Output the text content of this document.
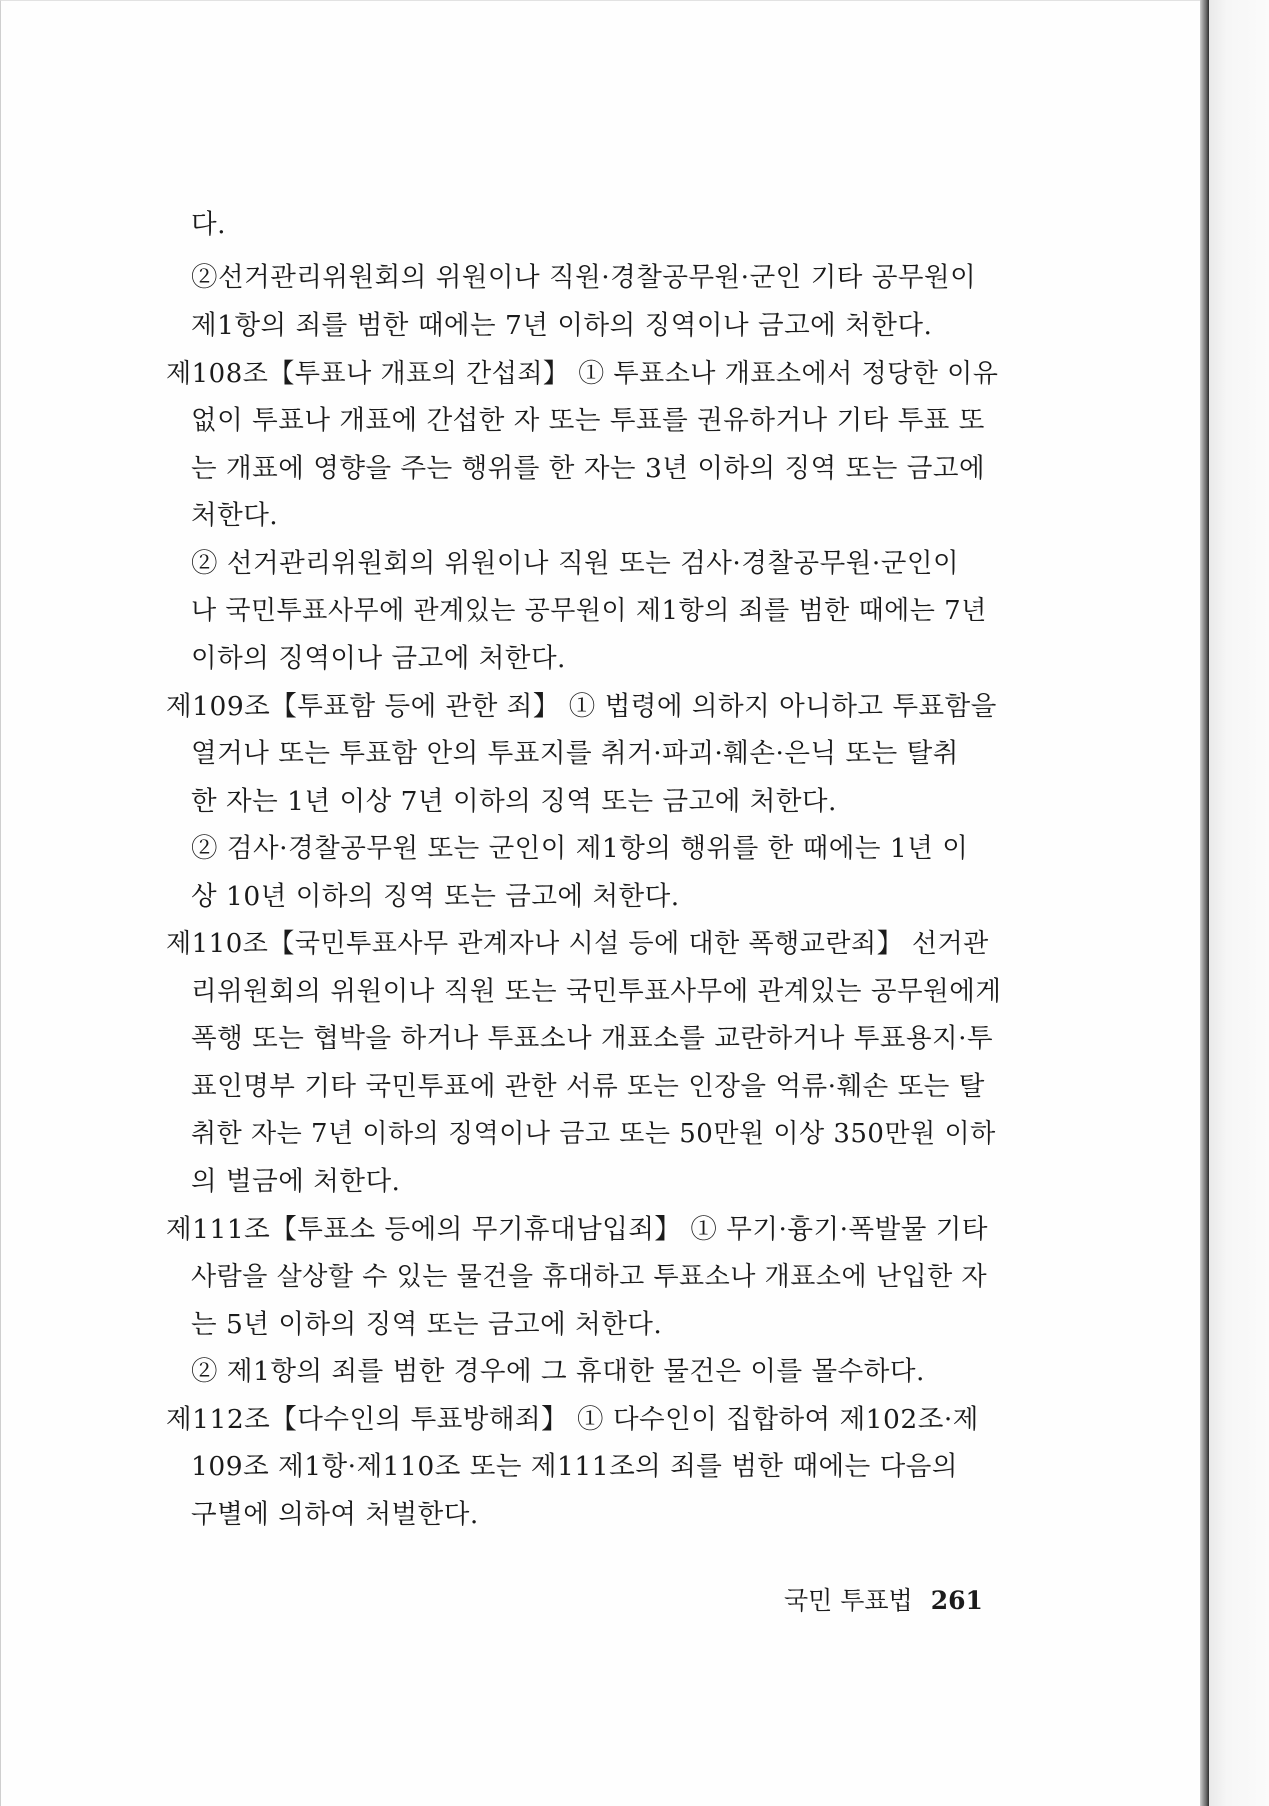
다.
②선거관리위원회의 위원이나 직원·경찰공무원·군인 기타 공무원이
제1항의 죄를 범한 때에는 7년 이하의 징역이나 금고에 처한다.
제108조【투표나 개표의 간섭죄】 ① 투표소나 개표소에서 정당한 이유
없이 투표나 개표에 간섭한 자 또는 투표를 권유하거나 기타 투표 또
는 개표에 영향을 주는 행위를 한 자는 3년 이하의 징역 또는 금고에
처한다.
② 선거관리위원회의 위원이나 직원 또는 검사·경찰공무원·군인이
나 국민투표사무에 관계있는 공무원이 제1항의 죄를 범한 때에는 7년
이하의 징역이나 금고에 처한다.
제109조【투표함 등에 관한 죄】 ① 법령에 의하지 아니하고 투표함을
열거나 또는 투표함 안의 투표지를 취거·파괴·훼손·은닉 또는 탈취
한 자는 1년 이상 7년 이하의 징역 또는 금고에 처한다.
② 검사·경찰공무원 또는 군인이 제1항의 행위를 한 때에는 1년 이
상 10년 이하의 징역 또는 금고에 처한다.
제110조【국민투표사무 관계자나 시설 등에 대한 폭행교란죄】 선거관
리위원회의 위원이나 직원 또는 국민투표사무에 관계있는 공무원에게
폭행 또는 협박을 하거나 투표소나 개표소를 교란하거나 투표용지·투
표인명부 기타 국민투표에 관한 서류 또는 인장을 억류·훼손 또는 탈
취한 자는 7년 이하의 징역이나 금고 또는 50만원 이상 350만원 이하
의 벌금에 처한다.
제111조【투표소 등에의 무기휴대남입죄】 ① 무기·흉기·폭발물 기타
사람을 살상할 수 있는 물건을 휴대하고 투표소나 개표소에 난입한 자
는 5년 이하의 징역 또는 금고에 처한다.
② 제1항의 죄를 범한 경우에 그 휴대한 물건은 이를 몰수하다.
제112조【다수인의 투표방해죄】 ① 다수인이 집합하여 제102조·제
109조 제1항·제110조 또는 제111조의 죄를 범한 때에는 다음의
구별에 의하여 처벌한다.
국민 투표법 261
